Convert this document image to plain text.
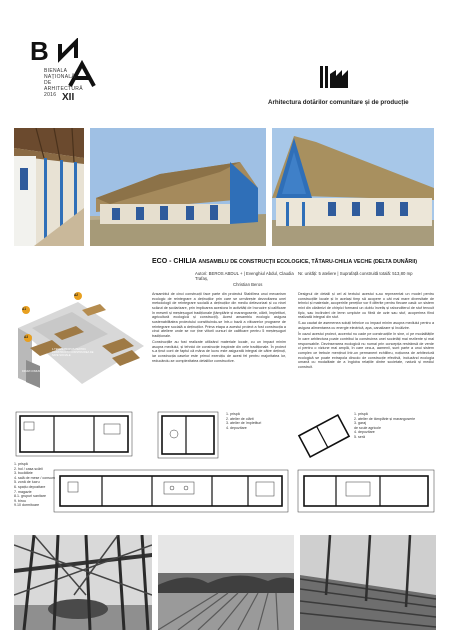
B
BIENALA
NAȚIONALĂ
DE
ARHITECTURĂ
2016 XII	Arhitectura dotărilor comunitare și de producție
ECO - CHILIA ANSAMBLU DE CONSTRUCȚII ECOLOGICE, TĂTARU-CHILIA VECHE (DELTA DUNĂRII)
Autori: BEROS ABDUL + | Evenghiul Abdul, Claudia Trafaș,
Christian Beros
Nr. unități: 5 ateliere | Suprafață construită totală: 513,80 mp
A1
A2
A3
1.TEREN PROPUS PENTRU CONSTRUCTII CONSTRUIREA DE SATE SOCIALE
DRUM COMUNAL

Ansamblul de cinci construcții face parte din proiectul Stabilirea unui mecanism ecologic de reintegrare a deținuților prin care se urmărește dezvoltarea unei metodologii de reintegrare socială a deținuților din mediu defavorizat și cu nivel scăzut de școlarizare, prin implicarea acestora în activități de încrucire și calificare în meserii și meșteșuguri tradiționale (tâmplărie și marangoserie, olărit, împletituri, agricultură ecologică și construcții). Acest ansamblu ecologic asigura sustenabilitatea proiectului constituindu-se într-o bază a viitoarelor programe de reintegrare socială a deținuților. Prima etapa a acestui proiect a fost construcția a cinci ateliere unde se vor ține viitorii cursuri de calificare pentru 5 meșteșuguri tradiționale.

Construcțiile au fost realizate utilizând materiale locale, cu un impact minim asupra mediului, și tehnici de construcție inspirate din cele tradiționale. În proiect s-a ținut cont de faptul că mâna de lucru este asigurată integral de către deținuți, iar construcția caselor este primul exercițiu de acest fel pentru majoritatea lor, reducându-se complexitatea detaliilor constructive.

Designul de detalii și cel al textului acestui s-au reprezentat un model pentru construcțiile locale și în același timp să acopere o cât mai mare diversitate de tehnici și materiale, acoperirile pereților vor fi diferite pentru fiecare casă: un sistem mixt din cărămizi de chirpici formand un dublu înveliș și rabonditerul de stuf tencuit tipic, sau inclinderi de lemn umplute cu fibră de ozie sau stuf, acoperirea fiind realizată integral din stuf.

S-au cautat de asemenea soluții tehnice cu impact minim asupra mediului pentru a asigura alimentarea cu energie electrică, apa, canalizare și încălzire.

În cazul acestui proiect, accentul nu cade pe construcțiile în sine, ci pe modalitățile în care arhitectura poate contribui la construirea unei societăți mai rezilente și mai responsabile. Dezinserarea ecologică nu numai prin concepția restrânsă de verde ci pentru o viziune mai amplă, în care cea-a, aamenii, sunt parte a unui sistem complex ce trebuie menținut într-un permanent echilibru, noțiunea de arhitectură ecologică se poate extrapola dincolo de construcție efectivă, incluzând ecologia umană cu modalitate de a îngloba relațiile dintre societate, natură și mediul construit.

1. prispă
2. atelier de olărit
3. atelier de împletituri
4. depozitare
1. prispă
2. atelier de tâmplărie și marangoserie
3. garaj
de scule agricole
4. depozitare
5. seră
1. prispă
2. hol / casa scării
3. bucătărie
4. sală de mese / consum
5. zonă de lucru
6. spațiu depozitare
7. magazie
8.1. grupuri sanitare
9. birou
9.10 dormitoare
